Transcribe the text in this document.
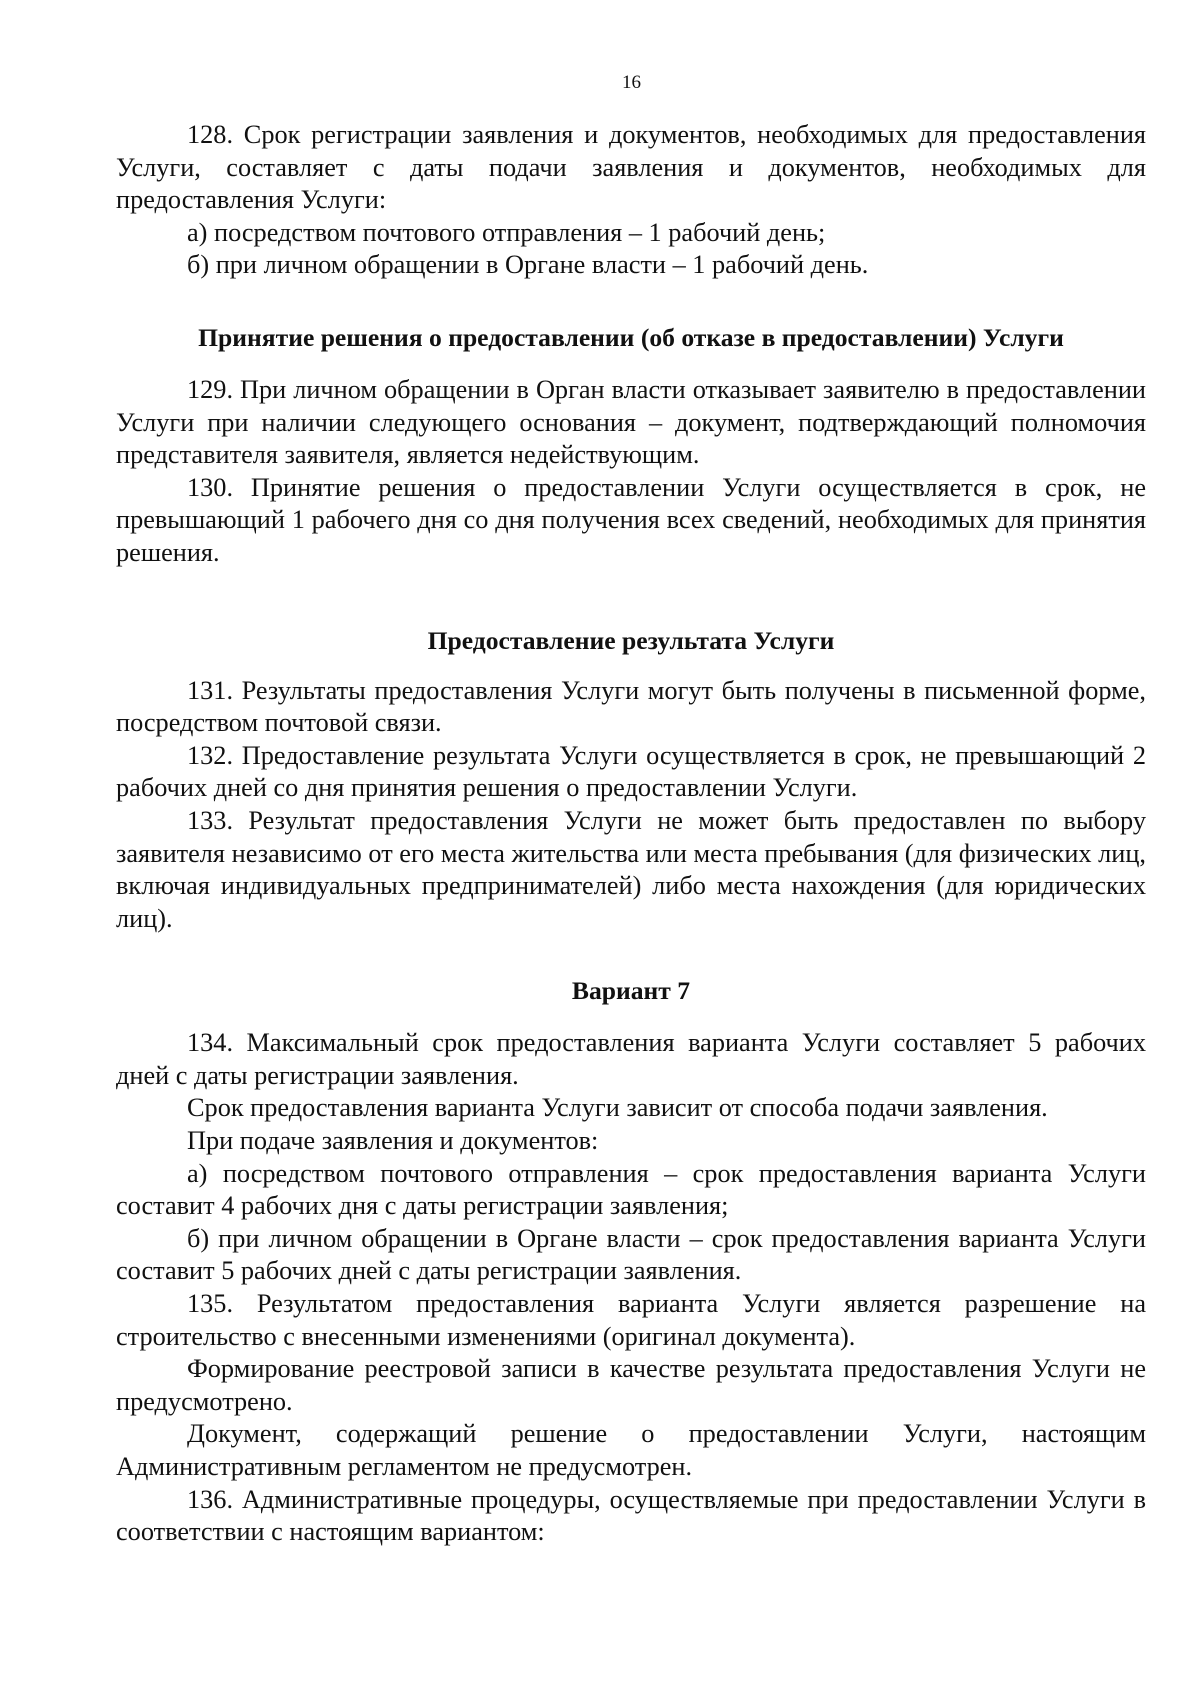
16

128. Срок регистрации заявления и документов, необходимых для предоставления Услуги, составляет с даты подачи заявления и документов, необходимых для предоставления Услуги:

а) посредством почтового отправления – 1 рабочий день;

б) при личном обращении в Органе власти – 1 рабочий день.

Принятие решения о предоставлении (об отказе в предоставлении) Услуги

129. При личном обращении в Орган власти отказывает заявителю в предоставлении Услуги при наличии следующего основания – документ, подтверждающий полномочия представителя заявителя, является недействующим.

130. Принятие решения о предоставлении Услуги осуществляется в срок, не превышающий 1 рабочего дня со дня получения всех сведений, необходимых для принятия решения.

Предоставление результата Услуги

131. Результаты предоставления Услуги могут быть получены в письменной форме, посредством почтовой связи.

132. Предоставление результата Услуги осуществляется в срок, не превышающий 2 рабочих дней со дня принятия решения о предоставлении Услуги.

133. Результат предоставления Услуги не может быть предоставлен по выбору заявителя независимо от его места жительства или места пребывания (для физических лиц, включая индивидуальных предпринимателей) либо места нахождения (для юридических лиц).

Вариант 7

134. Максимальный срок предоставления варианта Услуги составляет 5 рабочих дней с даты регистрации заявления.

Срок предоставления варианта Услуги зависит от способа подачи заявления.

При подаче заявления и документов:

а) посредством почтового отправления – срок предоставления варианта Услуги составит 4 рабочих дня с даты регистрации заявления;

б) при личном обращении в Органе власти – срок предоставления варианта Услуги составит 5 рабочих дней с даты регистрации заявления.

135. Результатом предоставления варианта Услуги является разрешение на строительство с внесенными изменениями (оригинал документа).

Формирование реестровой записи в качестве результата предоставления Услуги не предусмотрено.

Документ, содержащий решение о предоставлении Услуги, настоящим Административным регламентом не предусмотрен.

136. Административные процедуры, осуществляемые при предоставлении Услуги в соответствии с настоящим вариантом:
